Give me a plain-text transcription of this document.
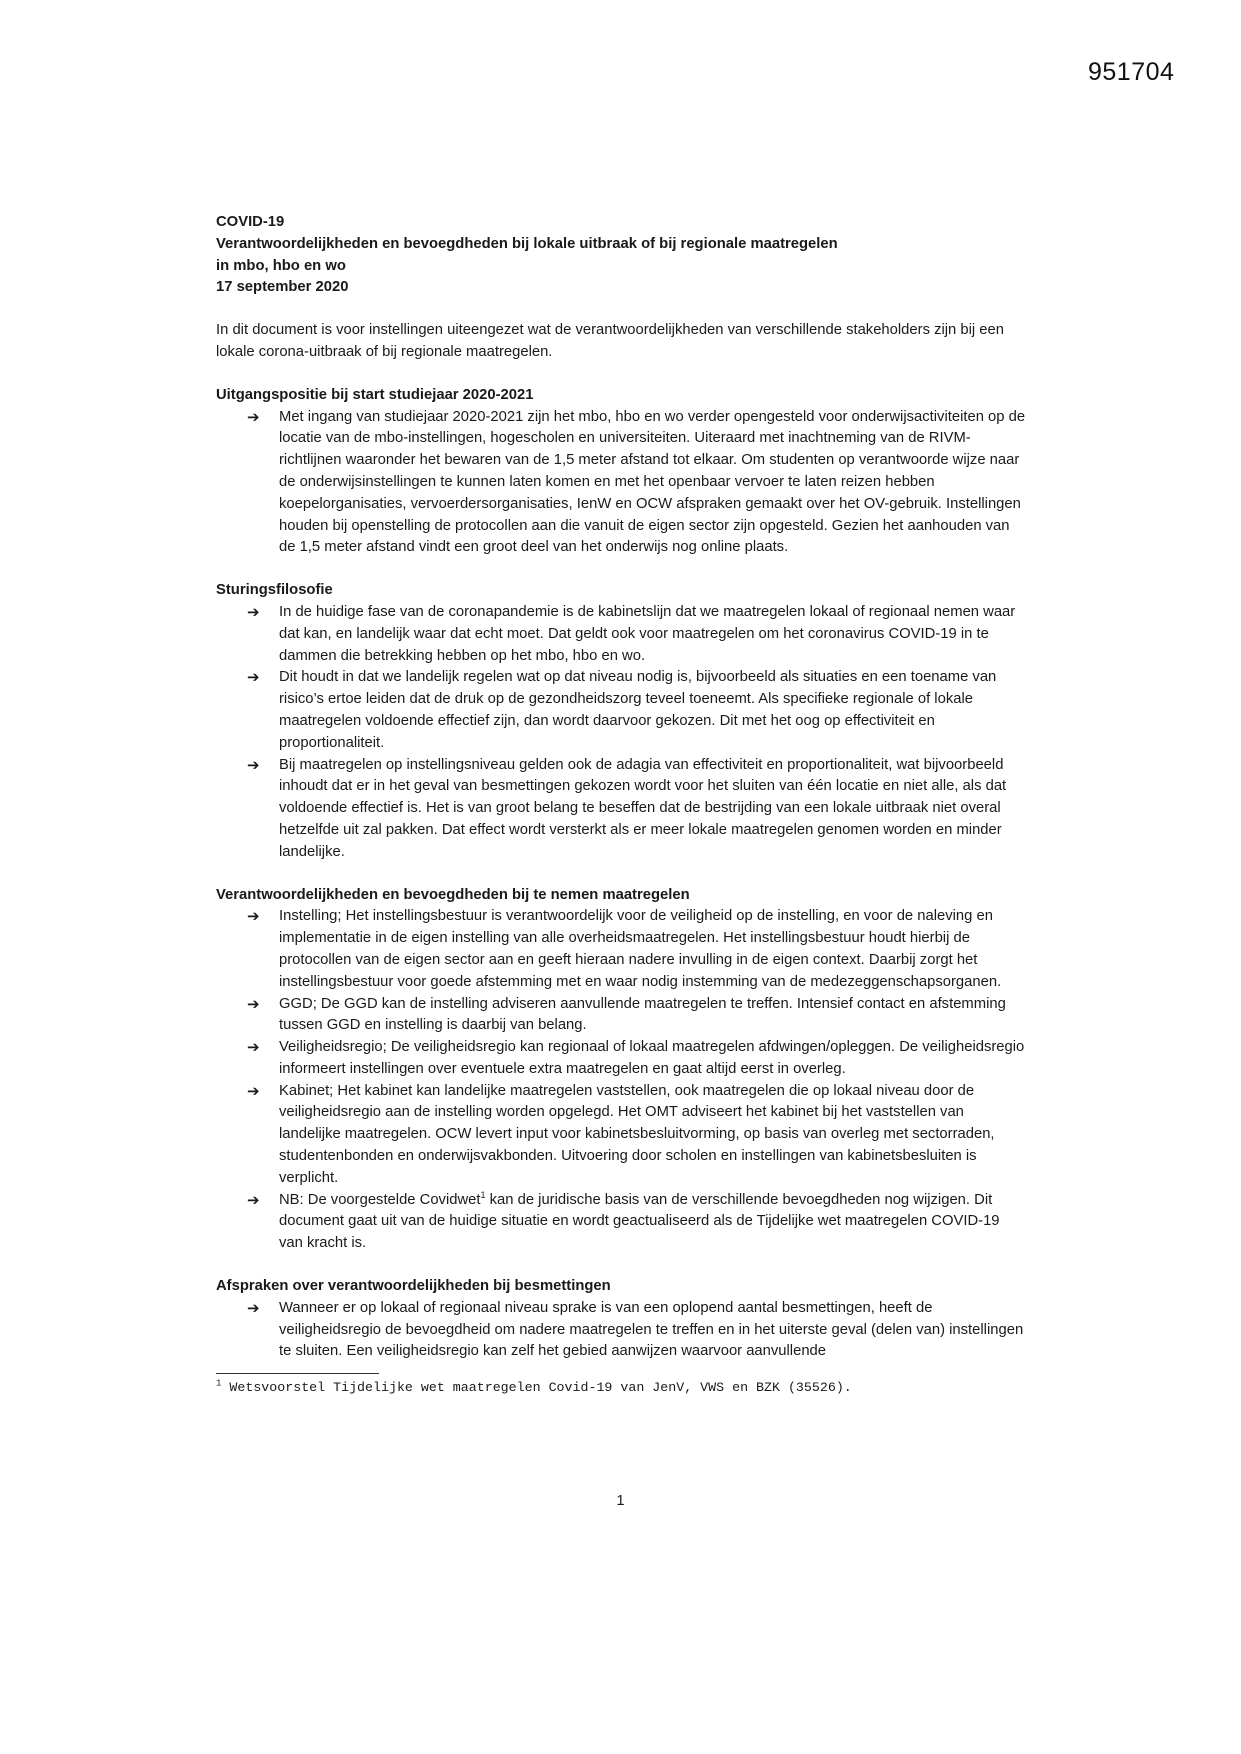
951704
COVID-19
Verantwoordelijkheden en bevoegdheden bij lokale uitbraak of bij regionale maatregelen
in mbo, hbo en wo
17 september 2020

In dit document is voor instellingen uiteengezet wat de verantwoordelijkheden van verschillende stakeholders zijn bij een lokale corona-uitbraak of bij regionale maatregelen.

Uitgangspositie bij start studiejaar 2020-2021
➔ Met ingang van studiejaar 2020-2021 zijn het mbo, hbo en wo verder opengesteld voor onderwijsactiviteiten op de locatie van de mbo-instellingen, hogescholen en universiteiten. Uiteraard met inachtneming van de RIVM-richtlijnen waaronder het bewaren van de 1,5 meter afstand tot elkaar. Om studenten op verantwoorde wijze naar de onderwijsinstellingen te kunnen laten komen en met het openbaar vervoer te laten reizen hebben koepelorganisaties, vervoerdersorganisaties, IenW en OCW afspraken gemaakt over het OV-gebruik. Instellingen houden bij openstelling de protocollen aan die vanuit de eigen sector zijn opgesteld. Gezien het aanhouden van de 1,5 meter afstand vindt een groot deel van het onderwijs nog online plaats.
Sturingsfilosofie
➔ In de huidige fase van de coronapandemie is de kabinetslijn dat we maatregelen lokaal of regionaal nemen waar dat kan, en landelijk waar dat echt moet. Dat geldt ook voor maatregelen om het coronavirus COVID-19 in te dammen die betrekking hebben op het mbo, hbo en wo.
➔ Dit houdt in dat we landelijk regelen wat op dat niveau nodig is, bijvoorbeeld als situaties en een toename van risico’s ertoe leiden dat de druk op de gezondheidszorg teveel toeneemt. Als specifieke regionale of lokale maatregelen voldoende effectief zijn, dan wordt daarvoor gekozen. Dit met het oog op effectiviteit en proportionaliteit.
➔ Bij maatregelen op instellingsniveau gelden ook de adagia van effectiviteit en proportionaliteit, wat bijvoorbeeld inhoudt dat er in het geval van besmettingen gekozen wordt voor het sluiten van één locatie en niet alle, als dat voldoende effectief is. Het is van groot belang te beseffen dat de bestrijding van een lokale uitbraak niet overal hetzelfde uit zal pakken. Dat effect wordt versterkt als er meer lokale maatregelen genomen worden en minder landelijke.
Verantwoordelijkheden en bevoegdheden bij te nemen maatregelen
➔ Instelling; Het instellingsbestuur is verantwoordelijk voor de veiligheid op de instelling, en voor de naleving en implementatie in de eigen instelling van alle overheidsmaatregelen. Het instellingsbestuur houdt hierbij de protocollen van de eigen sector aan en geeft hieraan nadere invulling in de eigen context. Daarbij zorgt het instellingsbestuur voor goede afstemming met en waar nodig instemming van de medezeggenschapsorganen.
➔ GGD; De GGD kan de instelling adviseren aanvullende maatregelen te treffen. Intensief contact en afstemming tussen GGD en instelling is daarbij van belang.
➔ Veiligheidsregio; De veiligheidsregio kan regionaal of lokaal maatregelen afdwingen/opleggen. De veiligheidsregio informeert instellingen over eventuele extra maatregelen en gaat altijd eerst in overleg.
➔ Kabinet; Het kabinet kan landelijke maatregelen vaststellen, ook maatregelen die op lokaal niveau door de veiligheidsregio aan de instelling worden opgelegd. Het OMT adviseert het kabinet bij het vaststellen van landelijke maatregelen. OCW levert input voor kabinetsbesluitvorming, op basis van overleg met sectorraden, studentenbonden en onderwijsvakbonden. Uitvoering door scholen en instellingen van kabinetsbesluiten is verplicht.
➔ NB: De voorgestelde Covidwet$^1$ kan de juridische basis van de verschillende bevoegdheden nog wijzigen. Dit document gaat uit van de huidige situatie en wordt geactualiseerd als de Tijdelijke wet maatregelen COVID-19 van kracht is.
Afspraken over verantwoordelijkheden bij besmettingen
➔ Wanneer er op lokaal of regionaal niveau sprake is van een oplopend aantal besmettingen, heeft de veiligheidsregio de bevoegdheid om nadere maatregelen te treffen en in het uiterste geval (delen van) instellingen te sluiten. Een veiligheidsregio kan zelf het gebied aanwijzen waarvoor aanvullende

$^1$ Wetsvoorstel Tijdelijke wet maatregelen Covid-19 van JenV, VWS en BZK (35526).

1
